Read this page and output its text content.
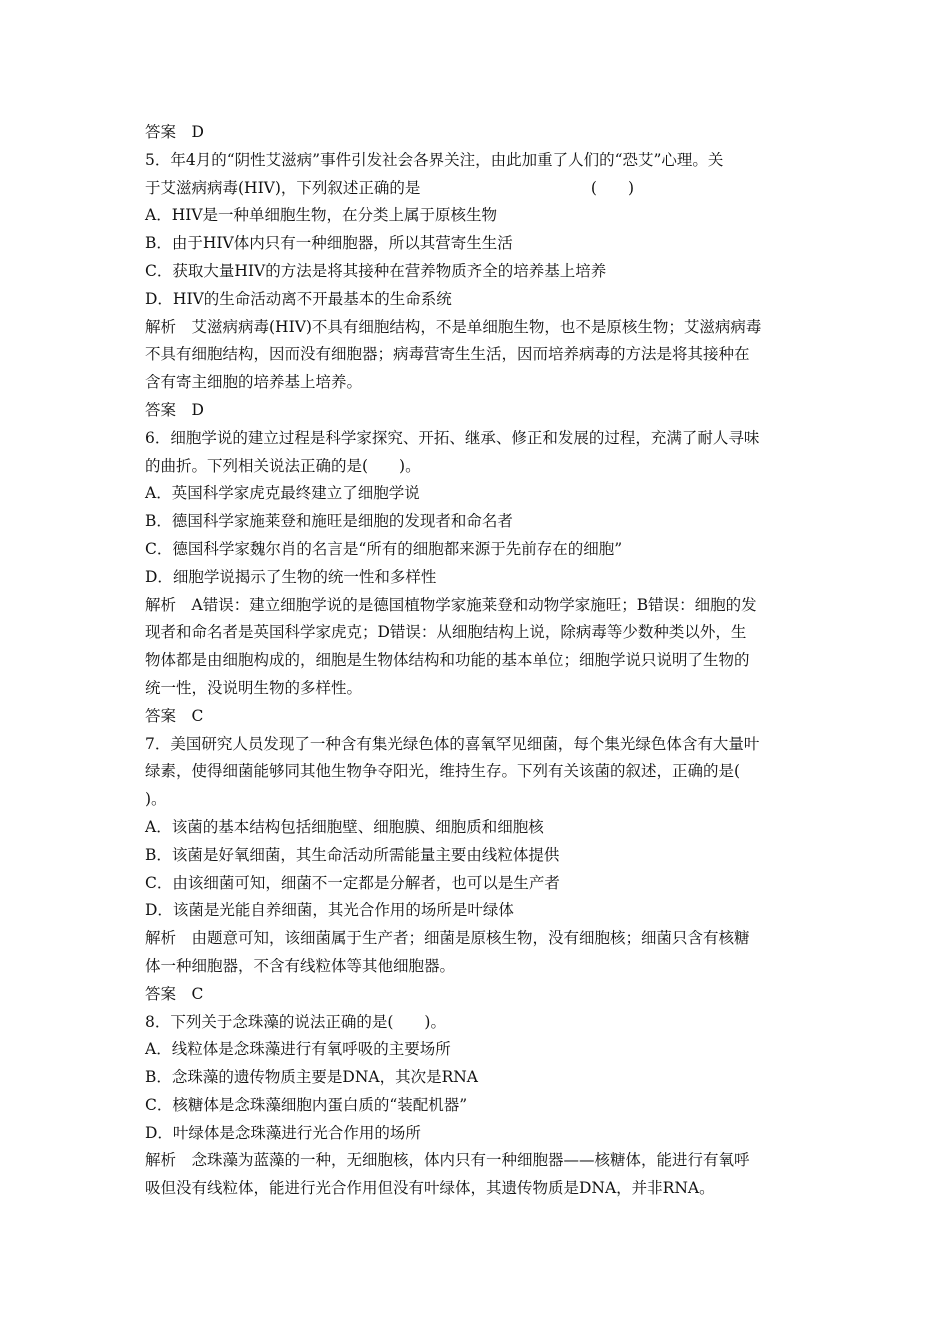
答案　D
5．年4月的“阴性艾滋病”事件引发社会各界关注，由此加重了人们的“恐艾”心理。关
于艾滋病病毒(HIV)，下列叙述正确的是　　　　　　　　　　　(　　)
A．HIV是一种单细胞生物，在分类上属于原核生物
B．由于HIV体内只有一种细胞器，所以其营寄生生活
C．获取大量HIV的方法是将其接种在营养物质齐全的培养基上培养
D．HIV的生命活动离不开最基本的生命系统
解析　艾滋病病毒(HIV)不具有细胞结构，不是单细胞生物，也不是原核生物；艾滋病病毒
不具有细胞结构，因而没有细胞器；病毒营寄生生活，因而培养病毒的方法是将其接种在
含有寄主细胞的培养基上培养。
答案　D
6．细胞学说的建立过程是科学家探究、开拓、继承、修正和发展的过程，充满了耐人寻味
的曲折。下列相关说法正确的是(　　)。
A．英国科学家虎克最终建立了细胞学说
B．德国科学家施莱登和施旺是细胞的发现者和命名者
C．德国科学家魏尔肖的名言是“所有的细胞都来源于先前存在的细胞”
D．细胞学说揭示了生物的统一性和多样性
解析　A错误：建立细胞学说的是德国植物学家施莱登和动物学家施旺；B错误：细胞的发
现者和命名者是英国科学家虎克；D错误：从细胞结构上说，除病毒等少数种类以外，生
物体都是由细胞构成的，细胞是生物体结构和功能的基本单位；细胞学说只说明了生物的
统一性，没说明生物的多样性。
答案　C
7．美国研究人员发现了一种含有集光绿色体的喜氧罕见细菌，每个集光绿色体含有大量叶
绿素，使得细菌能够同其他生物争夺阳光，维持生存。下列有关该菌的叙述，正确的是(
)。
A．该菌的基本结构包括细胞壁、细胞膜、细胞质和细胞核
B．该菌是好氧细菌，其生命活动所需能量主要由线粒体提供
C．由该细菌可知，细菌不一定都是分解者，也可以是生产者
D．该菌是光能自养细菌，其光合作用的场所是叶绿体
解析　由题意可知，该细菌属于生产者；细菌是原核生物，没有细胞核；细菌只含有核糖
体一种细胞器，不含有线粒体等其他细胞器。
答案　C
8．下列关于念珠藻的说法正确的是(　　)。
A．线粒体是念珠藻进行有氧呼吸的主要场所
B．念珠藻的遗传物质主要是DNA，其次是RNA
C．核糖体是念珠藻细胞内蛋白质的“装配机器”
D．叶绿体是念珠藻进行光合作用的场所
解析　念珠藻为蓝藻的一种，无细胞核，体内只有一种细胞器——核糖体，能进行有氧呼
吸但没有线粒体，能进行光合作用但没有叶绿体，其遗传物质是DNA，并非RNA。
